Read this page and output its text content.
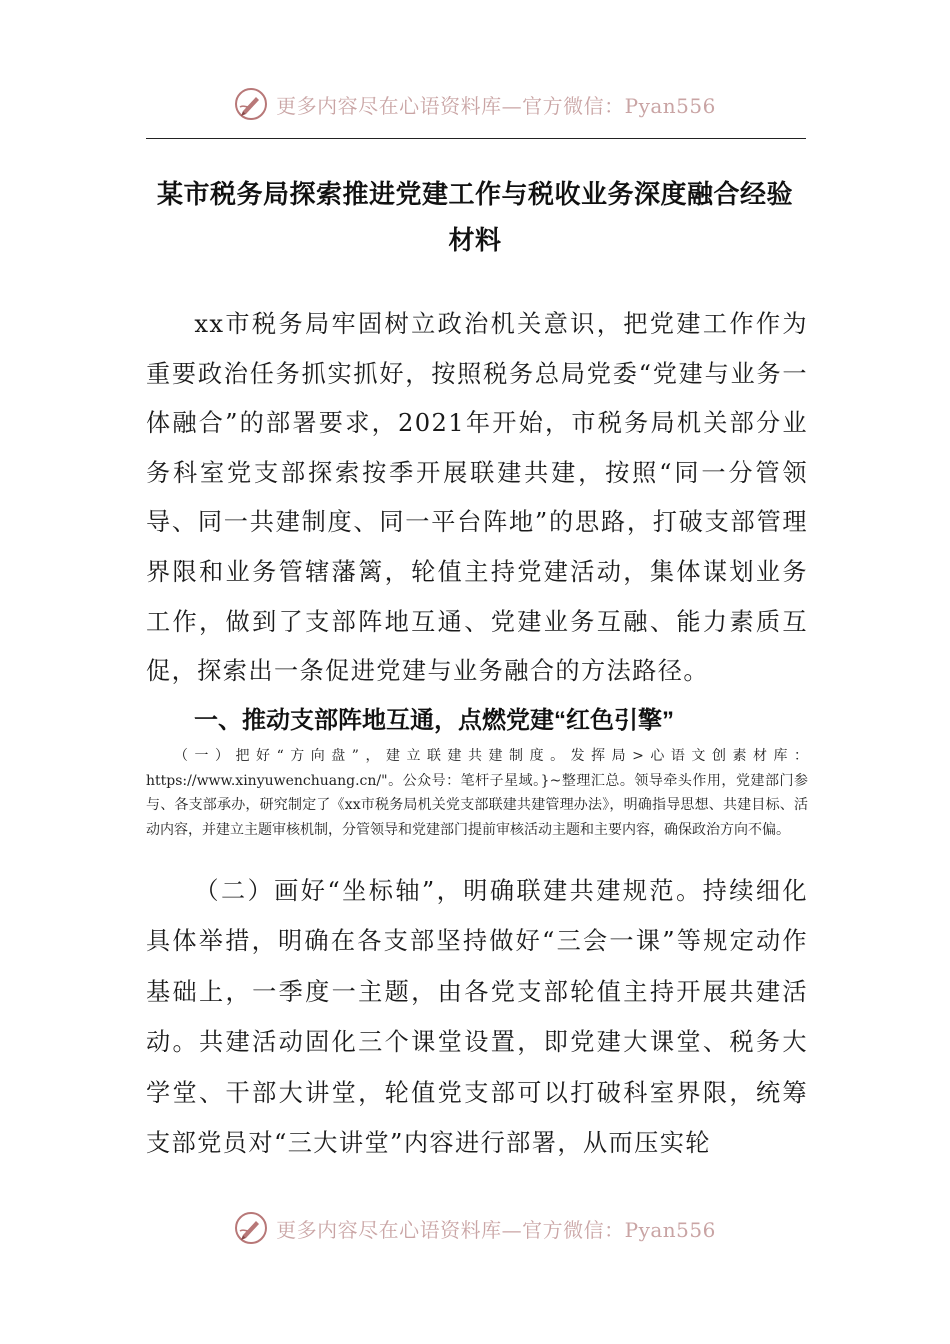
更多内容尽在心语资料库—官方微信：Pyan556
某市税务局探索推进党建工作与税收业务深度融合经验材料
xx市税务局牢固树立政治机关意识，把党建工作作为重要政治任务抓实抓好，按照税务总局党委“党建与业务一体融合”的部署要求，2021年开始，市税务局机关部分业务科室党支部探索按季开展联建共建，按照“同一分管领导、同一共建制度、同一平台阵地”的思路，打破支部管理界限和业务管辖藩篱，轮值主持党建活动，集体谋划业务工作，做到了支部阵地互通、党建业务互融、能力素质互促，探索出一条促进党建与业务融合的方法路径。
一、推动支部阵地互通，点燃党建“红色引擎”
（一）把好“方向盘”，建立联建共建制度。发挥局>心语文创素材库：https://www.xinyuwenchuang.cn/"。公众号：笔杆子星域。}~整理汇总。领导牵头作用，党建部门参与、各支部承办，研究制定了《xx市税务局机关党支部联建共建管理办法》，明确指导思想、共建目标、活动内容，并建立主题审核机制，分管领导和党建部门提前审核活动主题和主要内容，确保政治方向不偏。
（二）画好“坐标轴”，明确联建共建规范。持续细化具体举措，明确在各支部坚持做好“三会一课”等规定动作基础上，一季度一主题，由各党支部轮值主持开展共建活动。共建活动固化三个课堂设置，即党建大课堂、税务大学堂、干部大讲堂，轮值党支部可以打破科室界限，统筹支部党员对“三大讲堂”内容进行部署，从而压实轮
更多内容尽在心语资料库—官方微信：Pyan556
